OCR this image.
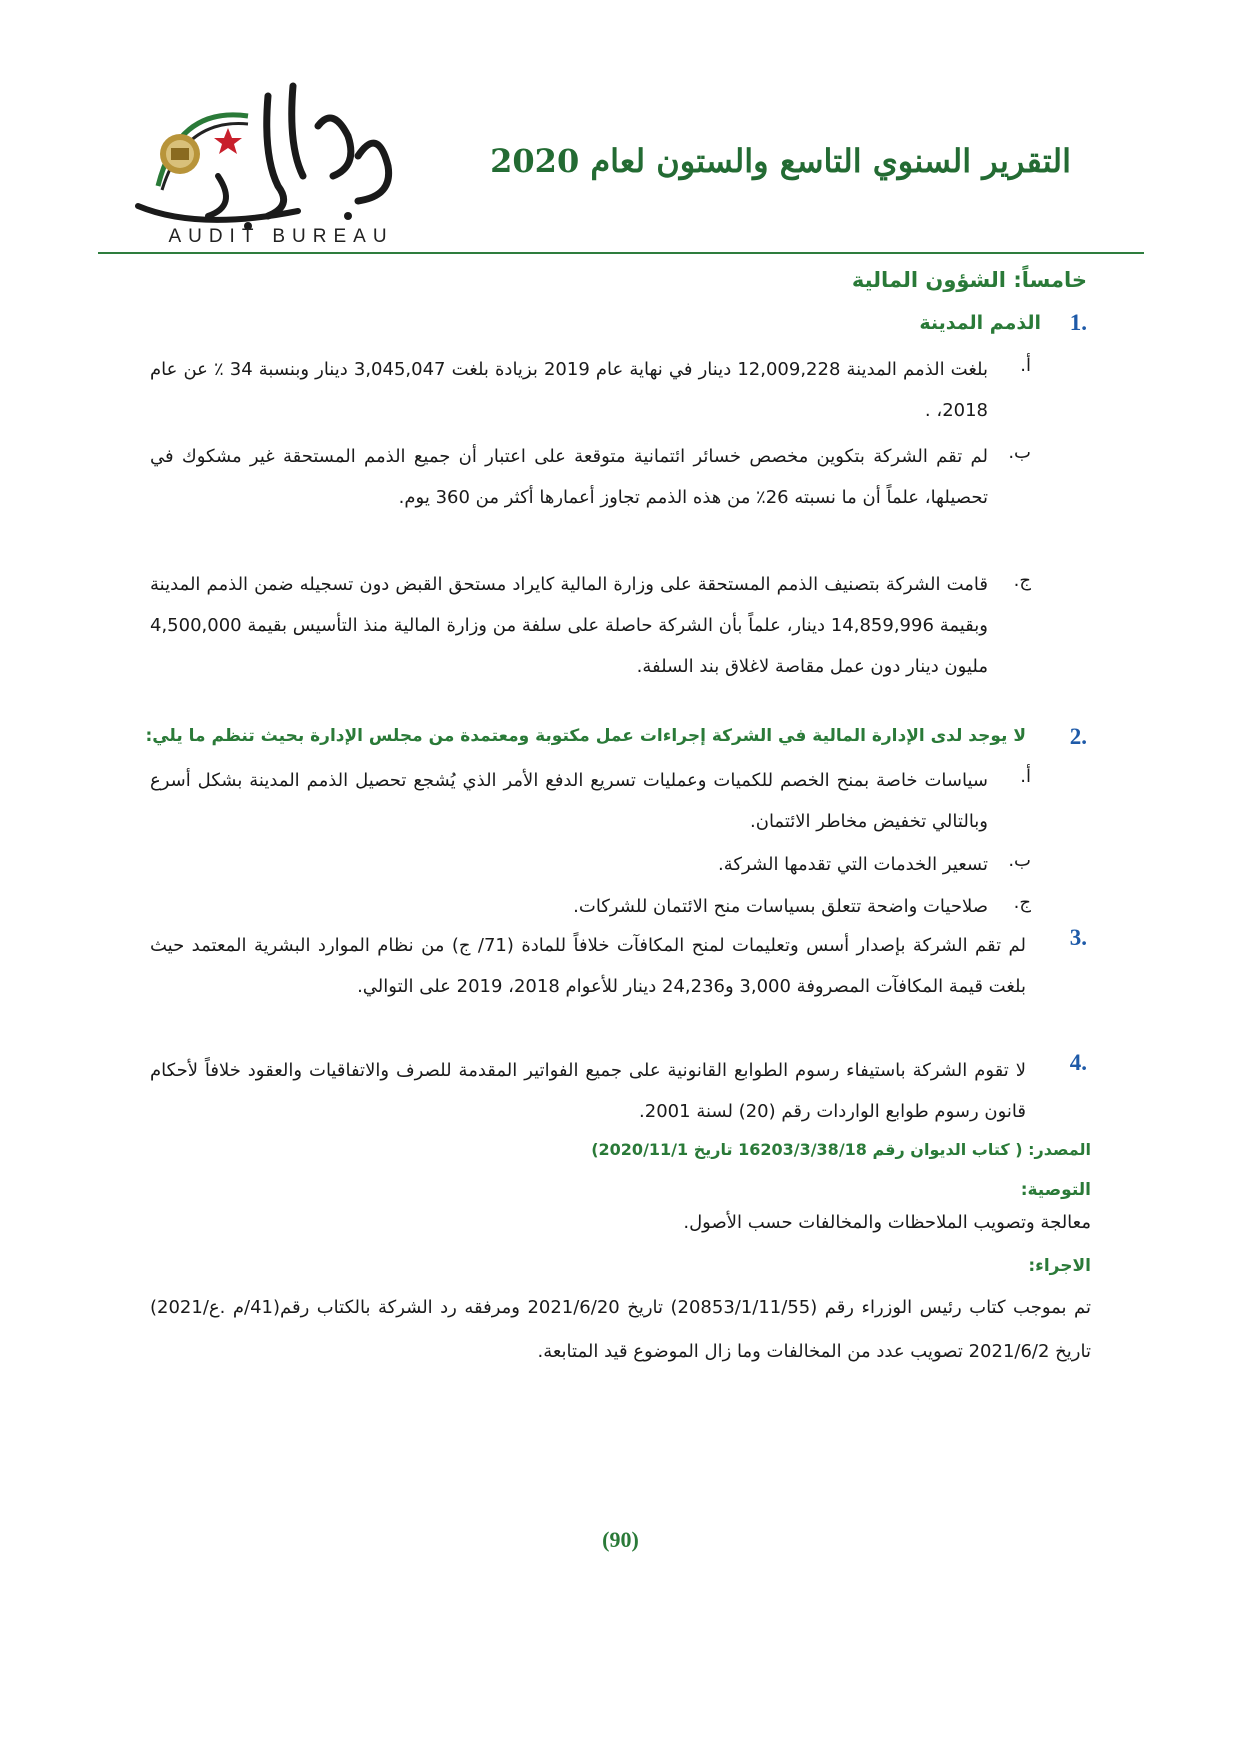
AUDIT BUREAU
التقرير السنوي التاسع والستون لعام 2020
خامساً: الشؤون المالية
1.
الذمم المدينة
أ.
بلغت الذمم المدينة 12,009,228 دينار في نهاية عام 2019 بزيادة بلغت 3,045,047 دينار وبنسبة 34 ٪ عن عام 2018، .
ب.
لم تقم الشركة بتكوين مخصص خسائر ائتمانية متوقعة على اعتبار أن جميع الذمم المستحقة غير مشكوك في تحصيلها، علماً أن ما نسبته 26٪ من هذه الذمم تجاوز أعمارها أكثر من 360 يوم.
ج.
قامت الشركة بتصنيف الذمم المستحقة على وزارة المالية كايراد مستحق القبض دون تسجيله ضمن الذمم المدينة وبقيمة 14,859,996 دينار، علماً بأن الشركة حاصلة على سلفة من وزارة المالية منذ التأسيس بقيمة 4,500,000 مليون دينار دون عمل مقاصة لاغلاق بند السلفة.
2.
لا يوجد لدى الإدارة المالية في الشركة إجراءات عمل مكتوبة ومعتمدة من مجلس الإدارة بحيث تنظم ما يلي:
أ.
سياسات خاصة بمنح الخصم للكميات وعمليات تسريع الدفع الأمر الذي يُشجع تحصيل الذمم المدينة بشكل أسرع وبالتالي تخفيض مخاطر الائتمان.
ب.
تسعير الخدمات التي تقدمها الشركة.
ج.
صلاحيات واضحة تتعلق بسياسات منح الائتمان للشركات.
3.
لم تقم الشركة بإصدار أسس وتعليمات لمنح المكافآت خلافاً للمادة (71/ ج) من نظام الموارد البشرية المعتمد حيث بلغت قيمة المكافآت المصروفة 3,000 و24,236 دينار للأعوام 2018، 2019 على التوالي.
4.
لا تقوم الشركة باستيفاء رسوم الطوابع القانونية على جميع الفواتير المقدمة للصرف والاتفاقيات والعقود خلافاً لأحكام قانون رسوم طوابع الواردات رقم (20) لسنة 2001.
المصدر: ( كتاب الديوان رقم 16203/3/38/18 تاريخ 2020/11/1)
التوصية:
معالجة وتصويب الملاحظات والمخالفات حسب الأصول.
الاجراء:
تم بموجب كتاب رئيس الوزراء رقم (20853/1/11/55) تاريخ 2021/6/20 ومرفقه رد الشركة بالكتاب رقم(41/م .ع/2021) تاريخ 2021/6/2 تصويب عدد من المخالفات وما زال الموضوع قيد المتابعة.
(90)
